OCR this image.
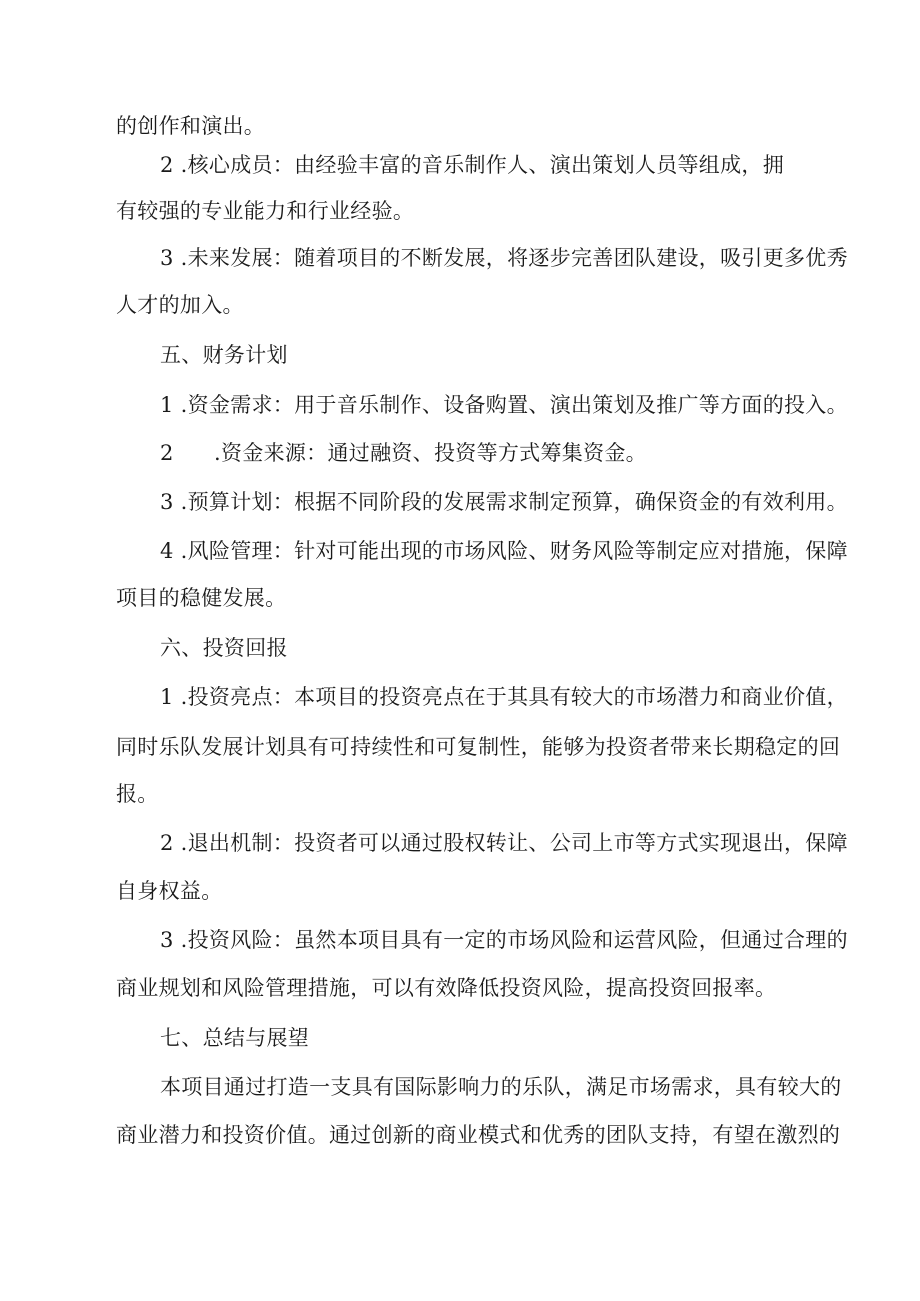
的创作和演出。
2 .核心成员：由经验丰富的音乐制作人、演出策划人员等组成，拥
有较强的专业能力和行业经验。
3 .未来发展：随着项目的不断发展，将逐步完善团队建设，吸引更多优秀
人才的加入。
五、财务计划
1 .资金需求：用于音乐制作、设备购置、演出策划及推广等方面的投入。
2 .资金来源：通过融资、投资等方式筹集资金。
3 .预算计划：根据不同阶段的发展需求制定预算，确保资金的有效利用。
4 .风险管理：针对可能出现的市场风险、财务风险等制定应对措施，保障
项目的稳健发展。
六、投资回报
1 .投资亮点：本项目的投资亮点在于其具有较大的市场潜力和商业价值，
同时乐队发展计划具有可持续性和可复制性，能够为投资者带来长期稳定的回
报。
2 .退出机制：投资者可以通过股权转让、公司上市等方式实现退出，保障
自身权益。
3 .投资风险：虽然本项目具有一定的市场风险和运营风险，但通过合理的
商业规划和风险管理措施，可以有效降低投资风险，提高投资回报率。
七、总结与展望
本项目通过打造一支具有国际影响力的乐队，满足市场需求，具有较大的
商业潜力和投资价值。通过创新的商业模式和优秀的团队支持，有望在激烈的
